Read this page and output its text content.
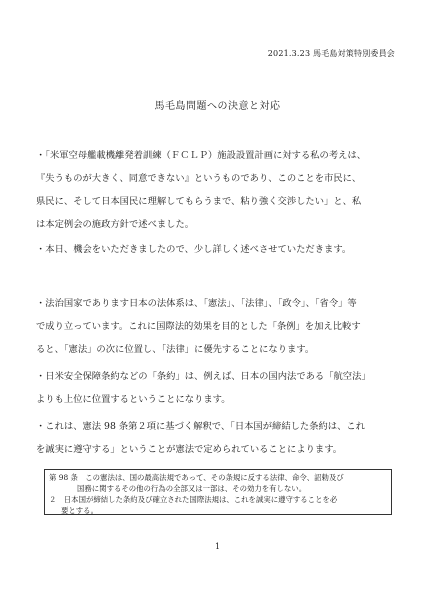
2021.3.23 馬毛島対策特別委員会
馬毛島問題への決意と対応
・「米軍空母艦載機離発着訓練（ＦＣＬＰ）施設設置計画に対する私の考えは、
『失うものが大きく、同意できない』というものであり、このことを市民に、
県民に、そして日本国民に理解してもらうまで、粘り強く交渉したい」と、私
は本定例会の施政方針で述べました。
・本日、機会をいただきましたので、少し詳しく述べさせていただきます。
・法治国家であります日本の法体系は、「憲法」、「法律」、「政令」、「省令」等
で成り立っています。これに国際法的効果を目的とした「条例」を加え比較す
ると、「憲法」の次に位置し、「法律」に優先することになります。
・日米安全保障条約などの「条約」は、例えば、日本の国内法である「航空法」
よりも上位に位置するということになります。
・これは、憲法 98 条第２項に基づく解釈で、「日本国が締結した条約は、これ
を誠実に遵守する」ということが憲法で定められていることによります。
第 98 条　この憲法は、国の最高法規であって、その条規に反する法律、命令、詔勅及び
国務に関するその他の行為の全部又は一部は、その効力を有しない。
２　日本国が締結した条約及び確立された国際法規は、これを誠実に遵守することを必
要とする。
1
